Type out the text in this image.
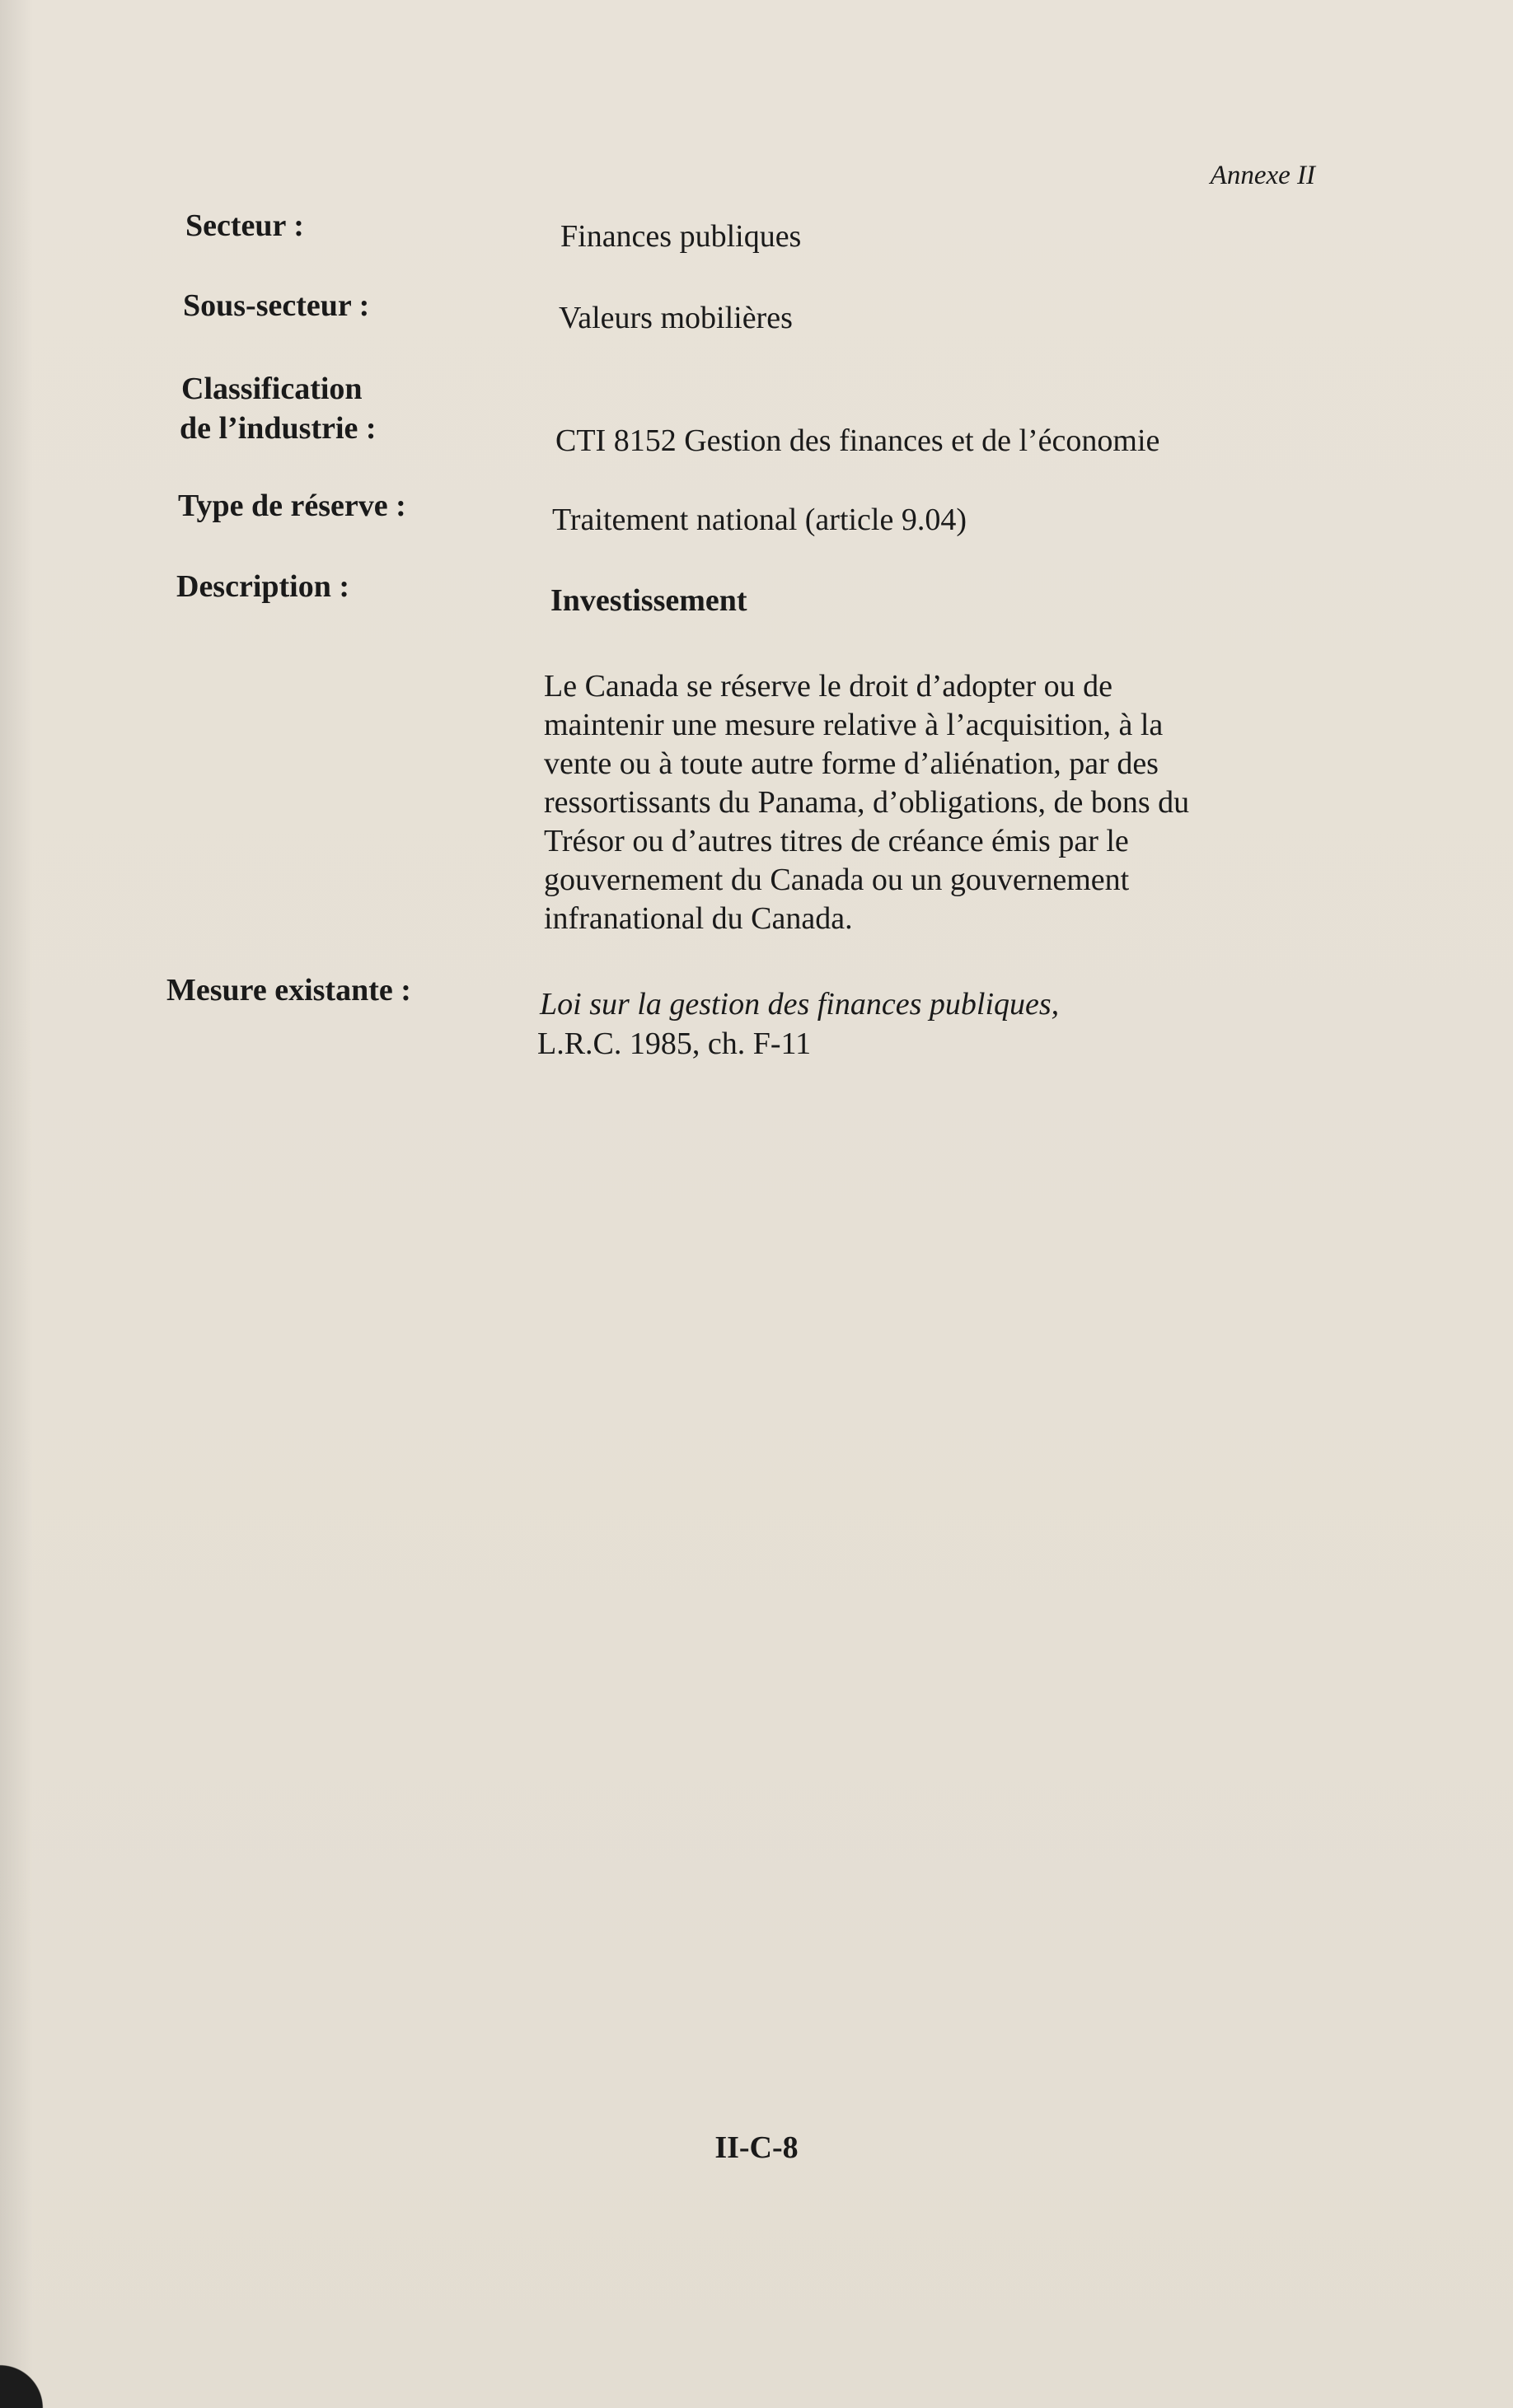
Annexe II
Secteur :	Finances publiques
Sous-secteur :	Valeurs mobilières
Classification
de l’industrie :	CTI 8152 Gestion des finances et de l’économie
Type de réserve :	Traitement national (article 9.04)
Description :	Investissement
Le Canada se réserve le droit d’adopter ou de
maintenir une mesure relative à l’acquisition, à la
vente ou à toute autre forme d’aliénation, par des
ressortissants du Panama, d’obligations, de bons du
Trésor ou d’autres titres de créance émis par le
gouvernement du Canada ou un gouvernement
infranational du Canada.
Mesure existante :	Loi sur la gestion des finances publiques,
L.R.C. 1985, ch. F-11
II-C-8
